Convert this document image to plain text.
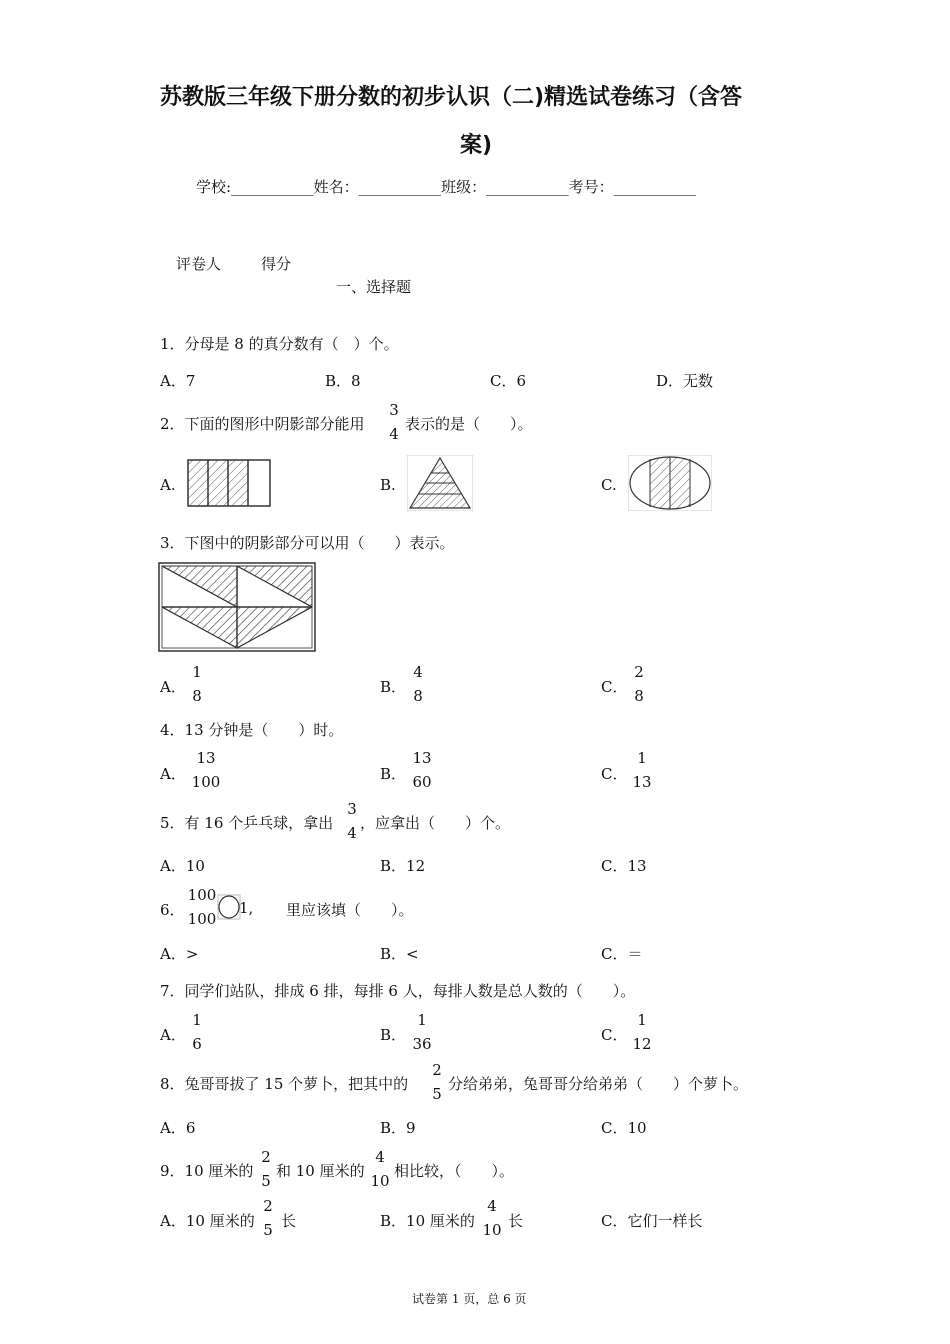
苏教版三年级下册分数的初步认识（二)精选试卷练习（含答
案)
学校:___________姓名：___________班级：___________考号：___________
评卷人	得分
一、选择题
1．分母是 8 的真分数有（　）个。
A．7	B．8	C．6	D．无数
2．下面的图形中阴影部分能用
3
4
表示的是（　　）。
A.	B.	C.
3．下图中的阴影部分可以用（　　）表示。
A．
1
8	B．
4
8	C．
2
8
4．13 分钟是（　　）时。
A．
13
100	B．
13
60	C．
1
13
5．有 16 个乒乓球，拿出
3
4
，应拿出（　　）个。
A．10	B．12	C．13
6．
100
100
1, 里应该填（　　）。
A．>	B．<	C．＝
7．同学们站队，排成 6 排，每排 6 人，每排人数是总人数的（　　）。
A．
1
6	B．
1
36	C．
1
12
8．兔哥哥拔了 15 个萝卜，把其中的
2
5
分给弟弟，兔哥哥分给弟弟（　　）个萝卜。
A．6	B．9	C．10
9．10 厘米的
2
5
和 10 厘米的
4
10
相比较，（　　）。
A．10 厘米的
2
5 长	B．10 厘米的
4
10 长	C．它们一样长
试卷第 1 页，总 6 页
